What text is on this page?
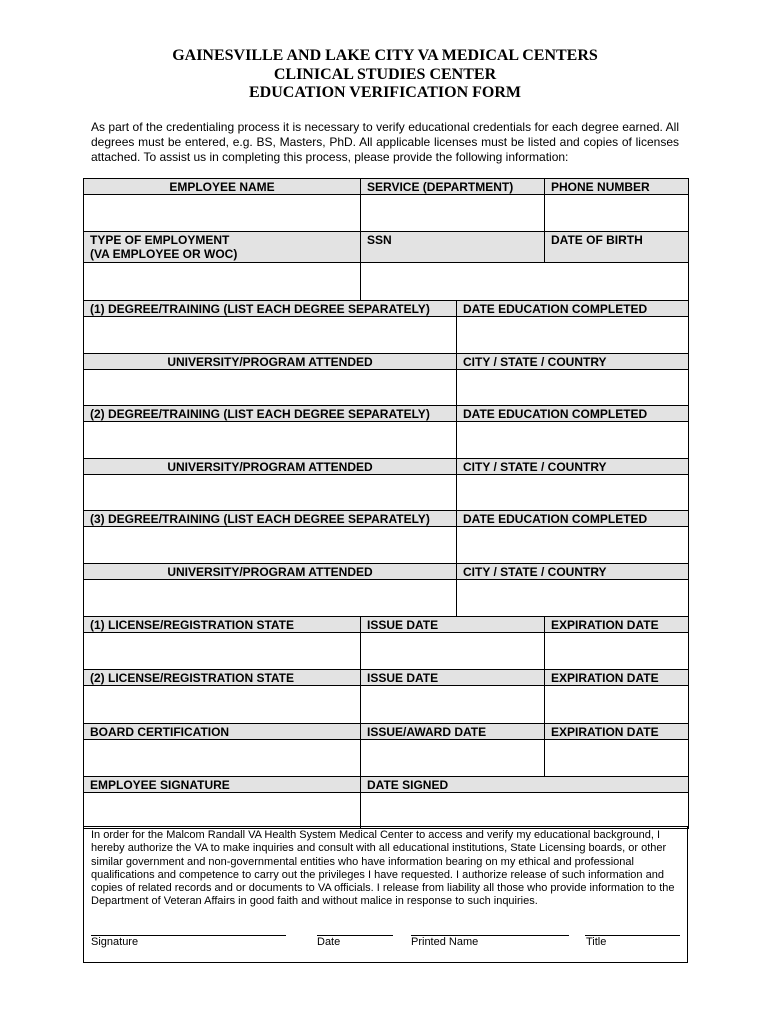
GAINESVILLE AND LAKE CITY VA MEDICAL CENTERS
CLINICAL STUDIES CENTER
EDUCATION VERIFICATION FORM
As part of the credentialing process it is necessary to verify educational credentials for each degree earned. All degrees must be entered, e.g. BS, Masters, PhD. All applicable licenses must be listed and copies of licenses attached. To assist us in completing this process, please provide the following information:
EMPLOYEE NAME	SERVICE (DEPARTMENT)		PHONE NUMBER

TYPE OF EMPLOYMENT
(VA EMPLOYEE OR WOC)	SSN		DATE OF BIRTH

(1) DEGREE/TRAINING (LIST EACH DEGREE SEPARATELY)		DATE EDUCATION COMPLETED	

UNIVERSITY/PROGRAM ATTENDED		CITY / STATE / COUNTRY	

(2) DEGREE/TRAINING (LIST EACH DEGREE SEPARATELY)		DATE EDUCATION COMPLETED	

UNIVERSITY/PROGRAM ATTENDED		CITY / STATE / COUNTRY	

(3) DEGREE/TRAINING (LIST EACH DEGREE SEPARATELY)		DATE EDUCATION COMPLETED	

UNIVERSITY/PROGRAM ATTENDED		CITY / STATE / COUNTRY	

(1) LICENSE/REGISTRATION STATE	ISSUE DATE		EXPIRATION DATE

(2) LICENSE/REGISTRATION STATE	ISSUE DATE		EXPIRATION DATE

BOARD CERTIFICATION	ISSUE/AWARD DATE		EXPIRATION DATE

EMPLOYEE SIGNATURE	DATE SIGNED		

In order for the Malcom Randall VA Health System Medical Center to access and verify my educational background, I hereby authorize the VA to make inquiries and consult with all educational institutions, State Licensing boards, or other similar government and non-governmental entities who have information bearing on my ethical and professional qualifications and competence to carry out the privileges I have requested. I authorize release of such information and copies of related records and or documents to VA officials. I release from liability all those who provide information to the Department of Veteran Affairs in good faith and without malice in response to such inquiries.
Signature	Date	Printed Name	Title
